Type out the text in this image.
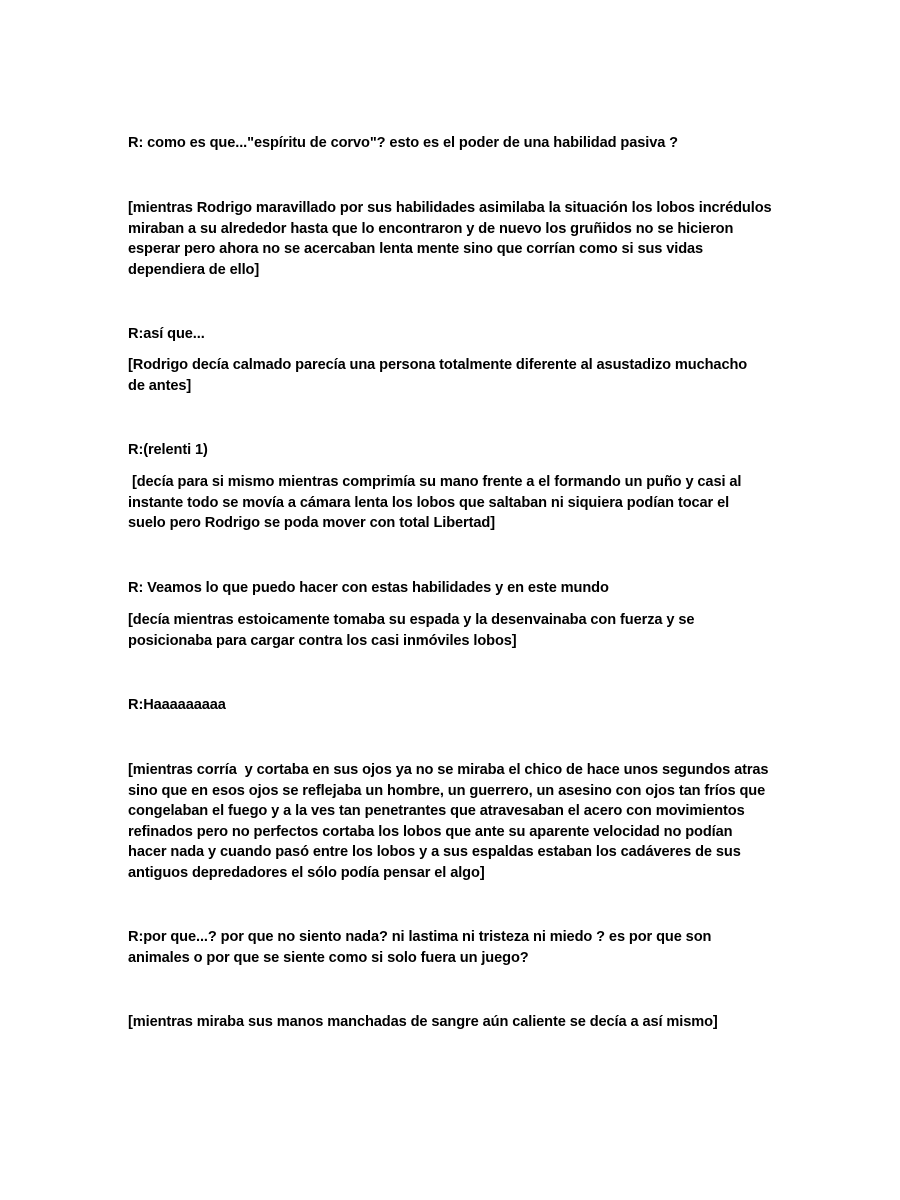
R: como es que..."espíritu de corvo"? esto es el poder de una habilidad pasiva ?

[mientras Rodrigo maravillado por sus habilidades asimilaba la situación los lobos incrédulos
miraban a su alrededor hasta que lo encontraron y de nuevo los gruñidos no se hicieron
esperar pero ahora no se acercaban lenta mente sino que corrían como si sus vidas
dependiera de ello]

R:así que...

[Rodrigo decía calmado parecía una persona totalmente diferente al asustadizo muchacho
de antes]

R:(relenti 1)

[decía para si mismo mientras comprimía su mano frente a el formando un puño y casi al
instante todo se movía a cámara lenta los lobos que saltaban ni siquiera podían tocar el
suelo pero Rodrigo se poda mover con total Libertad]

R: Veamos lo que puedo hacer con estas habilidades y en este mundo

[decía mientras estoicamente tomaba su espada y la desenvainaba con fuerza y se
posicionaba para cargar contra los casi inmóviles lobos]

R:Haaaaaaaaa

[mientras corría  y cortaba en sus ojos ya no se miraba el chico de hace unos segundos atras
sino que en esos ojos se reflejaba un hombre, un guerrero, un asesino con ojos tan fríos que
congelaban el fuego y a la ves tan penetrantes que atravesaban el acero con movimientos
refinados pero no perfectos cortaba los lobos que ante su aparente velocidad no podían
hacer nada y cuando pasó entre los lobos y a sus espaldas estaban los cadáveres de sus
antiguos depredadores el sólo podía pensar el algo]

R:por que...? por que no siento nada? ni lastima ni tristeza ni miedo ? es por que son
animales o por que se siente como si solo fuera un juego?

[mientras miraba sus manos manchadas de sangre aún caliente se decía a así mismo]
